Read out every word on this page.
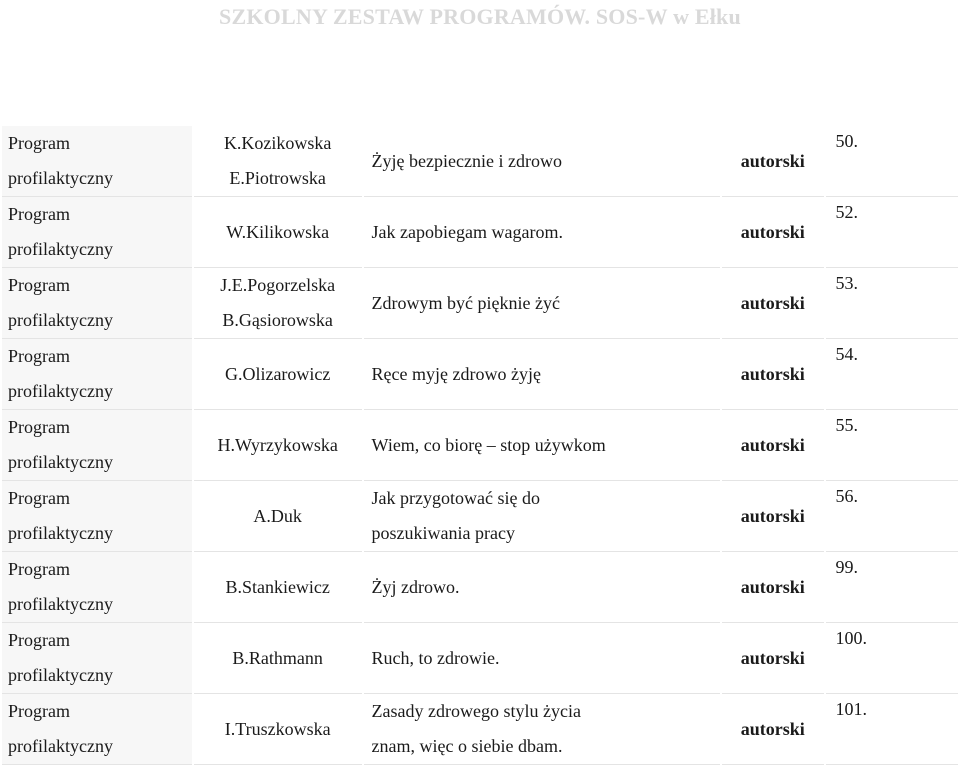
SZKOLNY ZESTAW PROGRAMÓW. SOS-W w Ełku
Program
profilaktyczny	K.Kozikowska
E.Piotrowska	Żyję bezpiecznie i zdrowo	autorski	50.

Program
profilaktyczny	W.Kilikowska	Jak zapobiegam wagarom.	autorski	52.

Program
profilaktyczny	J.E.Pogorzelska
B.Gąsiorowska	Zdrowym być pięknie żyć	autorski	53.

Program
profilaktyczny	G.Olizarowicz	Ręce myję zdrowo żyję	autorski	54.

Program
profilaktyczny	H.Wyrzykowska	Wiem, co biorę – stop używkom	autorski	55.

Program
profilaktyczny	A.Duk	Jak przygotować się do
poszukiwania pracy	autorski	56.

Program
profilaktyczny	B.Stankiewicz	Żyj zdrowo.	autorski	99.

Program
profilaktyczny	B.Rathmann	Ruch, to zdrowie.	autorski	100.

Program
profilaktyczny	I.Truszkowska	Zasady zdrowego stylu życia
znam, więc o siebie dbam.	autorski	101.
